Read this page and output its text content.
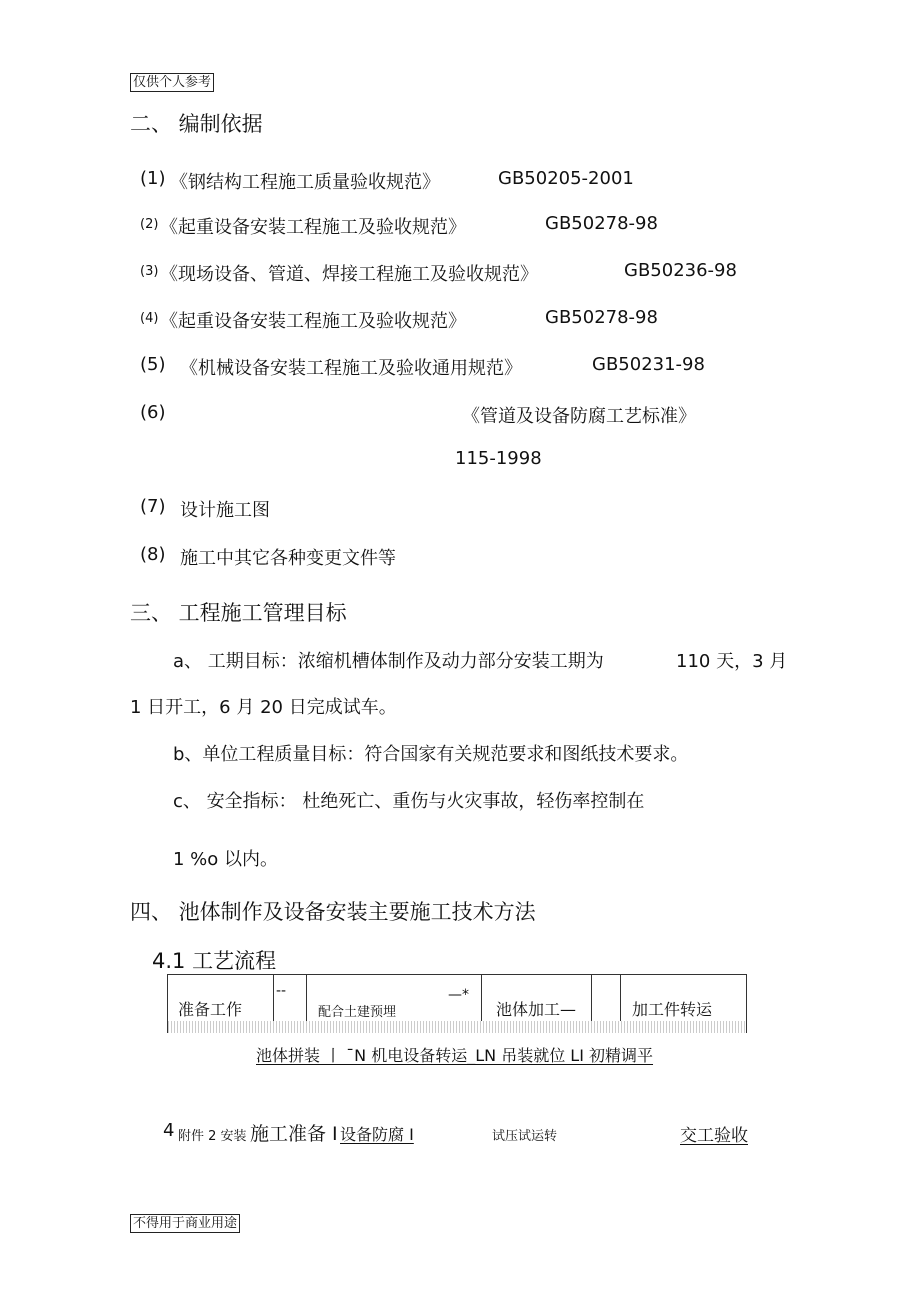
仅供个人参考
二、 编制依据
(1) 《钢结构工程施工质量验收规范》	GB50205-2001
(2) 《起重设备安装工程施工及验收规范》	GB50278-98
(3) 《现场设备、管道、焊接工程施工及验收规范》	GB50236-98
(4) 《起重设备安装工程施工及验收规范》	GB50278-98
(5) 《机械设备安装工程施工及验收通用规范》	GB50231-98
(6)	《管道及设备防腐工艺标准》
115-1998
(7) 设计施工图
(8) 施工中其它各种变更文件等
三、 工程施工管理目标
a、 工期目标：浓缩机槽体制作及动力部分安装工期为	110 天，3 月
1 日开工，6 月 20 日完成试车。
b、单位工程质量目标：符合国家有关规范要求和图纸技术要求。
c、 安全指标： 杜绝死亡、重伤与火灾事故，轻伤率控制在
1 %o 以内。
四、 池体制作及设备安装主要施工技术方法
4.1 工艺流程
准备工作
--
配合土建预埋
—*
池体加工—	加工件转运
池体拼装 丨 ˉN 机电设备转运_LN 吊装就位 LI 初精调平
4 附件 2 安装 施工准备 I 设备防腐 I	试压试运转	交工验收
不得用于商业用途
